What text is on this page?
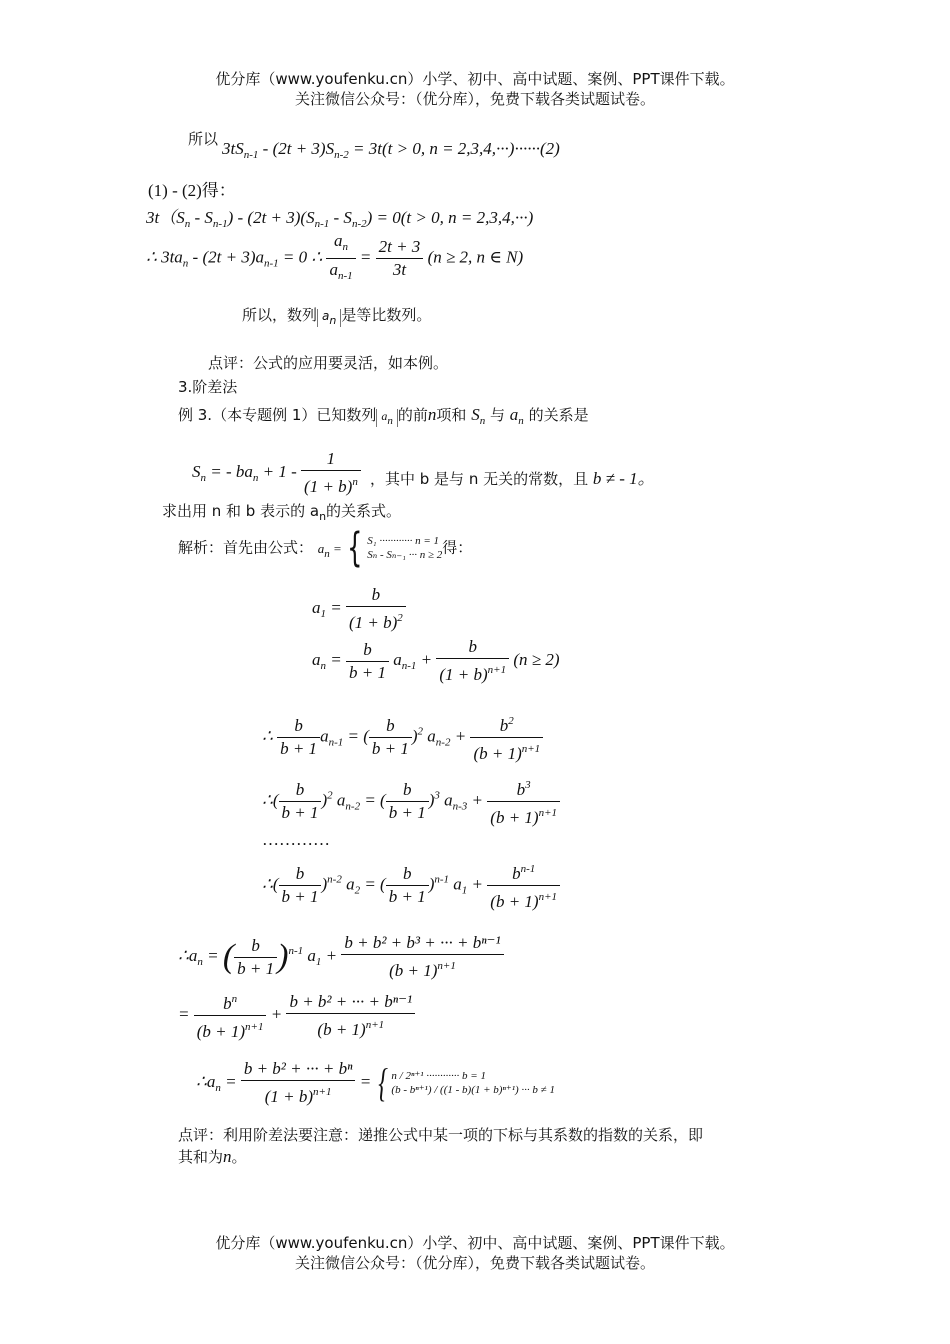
优分库（www.youfenku.cn）小学、初中、高中试题、案例、PPT课件下载。
关注微信公众号：（优分库），免费下载各类试题试卷。
所以 $3tS_{n-1} - (2t + 3)S_{n-2} = 3t(t > 0$, n = 2,3,4,···)······(2)
(1) - (2)得：
$3t(S_n - S_{n-1}) - (2t + 3)(S_{n-1} - S_{n-2}) = 0(t > 0$, n = 2,3,4,···)
∴ $3ta_n - (2t + 3)a_{n-1} = 0$ ∴ $\frac{a_n}{a_{n-1}} = \frac{2t + 3}{3t} (n \ge 2$, n ∈ N)
所以，数列 an 是等比数列。
点评：公式的应用要灵活，如本例。
3.阶差法
例 3.（本专题例 1）已知数列 an 的前n项和 $S_n$ 与 $a_n$ 的关系是
$S_n$ = - $ba_n + 1 - \frac{1}{(1 + b)^n}$ ，其中 b 是与 n 无关的常数，且 b ≠ - 1。
求出用 n 和 b 表示的 $a_n$的关系式。
解析：首先由公式： $a_n$ = { S₁ ············ n = 1
Sₙ - Sₙ₋₁ ··· n ≥ 2得：
$a_1 = \frac{b}{(1 + b)^2}$
$a_n = \frac{b}{b + 1} a_{n-1} + \frac{b}{(1 + b)^{n+1}} (n \ge 2)$
∴ $\frac{b}{b + 1} a_{n-1}$ = ( $\frac{b}{b + 1} )^2$ $a_{n-2} + \frac{b^2}{(b + 1)^{n+1}}$
∴( $\frac{b}{b + 1} )^2$ $a_{n-2}$ = ( $\frac{b}{b + 1} )^3$ $a_{n-3} + \frac{b^3}{(b + 1)^{n+1}}$
…………
∴( $\frac{b}{b + 1} )^{n-2}$ $a_2$ = ( $\frac{b}{b + 1} )^{n-1}$ $a_1 + \frac{b^{n-1}}{(b + 1)^{n+1}}$
$\therefore a_n$ = ( $\frac{b}{b + 1} )^{n-1}$ $a_1 + \frac{\text{b + b² + b³ + ··· + bⁿ⁻¹}}{(b + 1)^{n+1}}$
= $\frac{b^n}{(b + 1)^{n+1}} + \frac{\text{b + b² + ··· + bⁿ⁻¹}}{(b + 1)^{n+1}}$
$\therefore a_n = \frac{\text{b + b² + ··· + bⁿ}}{(1 + b)^{n+1}}$ = { n / 2ⁿ⁺¹ ············ b = 1
(b - bⁿ⁺¹) / ((1 - b)(1 + b)ⁿ⁺¹) ··· b ≠ 1
点评：利用阶差法要注意：递推公式中某一项的下标与其系数的指数的关系，即
其和为n。
优分库（www.youfenku.cn）小学、初中、高中试题、案例、PPT课件下载。
关注微信公众号：（优分库），免费下载各类试题试卷。
